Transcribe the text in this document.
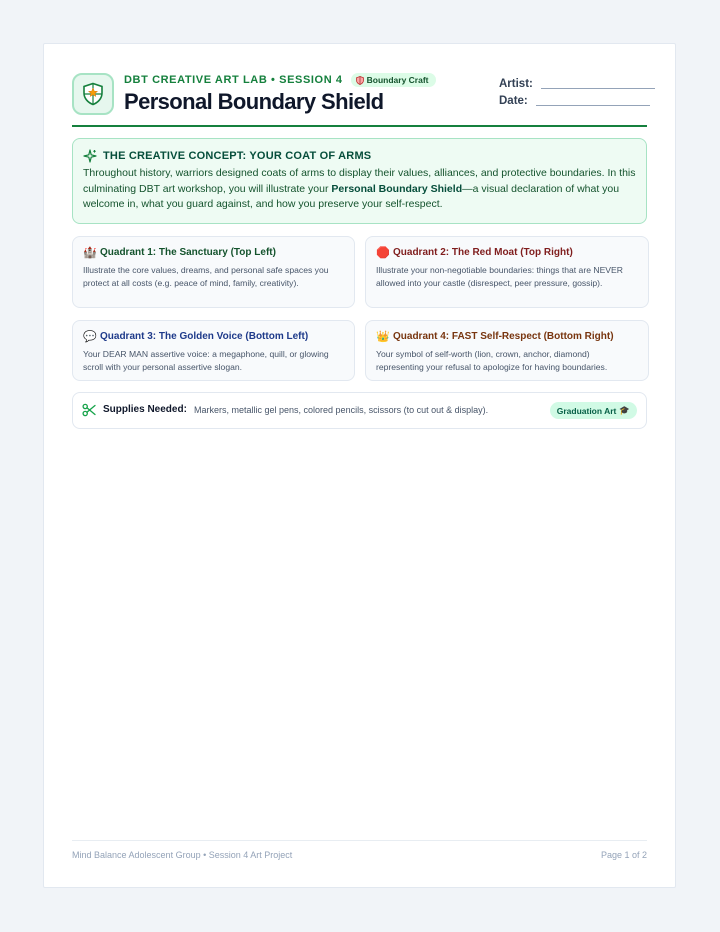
DBT CREATIVE ART LAB • SESSION 4	Boundary Craft
Personal Boundary Shield
Artist:
Date:
THE CREATIVE CONCEPT: YOUR COAT OF ARMS
Throughout history, warriors designed coats of arms to display their values, alliances, and protective boundaries. In this culminating DBT art workshop, you will illustrate your Personal Boundary Shield—a visual declaration of what you welcome in, what you guard against, and how you preserve your self-respect.
🏰 Quadrant 1: The Sanctuary (Top Left)
Illustrate the core values, dreams, and personal safe spaces you protect at all costs (e.g. peace of mind, family, creativity).
🛑 Quadrant 2: The Red Moat (Top Right)
Illustrate your non-negotiable boundaries: things that are NEVER allowed into your castle (disrespect, peer pressure, gossip).
💬 Quadrant 3: The Golden Voice (Bottom Left)
Your DEAR MAN assertive voice: a megaphone, quill, or glowing scroll with your personal assertive slogan.
👑 Quadrant 4: FAST Self-Respect (Bottom Right)
Your symbol of self-worth (lion, crown, anchor, diamond) representing your refusal to apologize for having boundaries.
Supplies Needed: Markers, metallic gel pens, colored pencils, scissors (to cut out & display).	Graduation Art 🎓
Mind Balance Adolescent Group • Session 4 Art Project	Page 1 of 2
